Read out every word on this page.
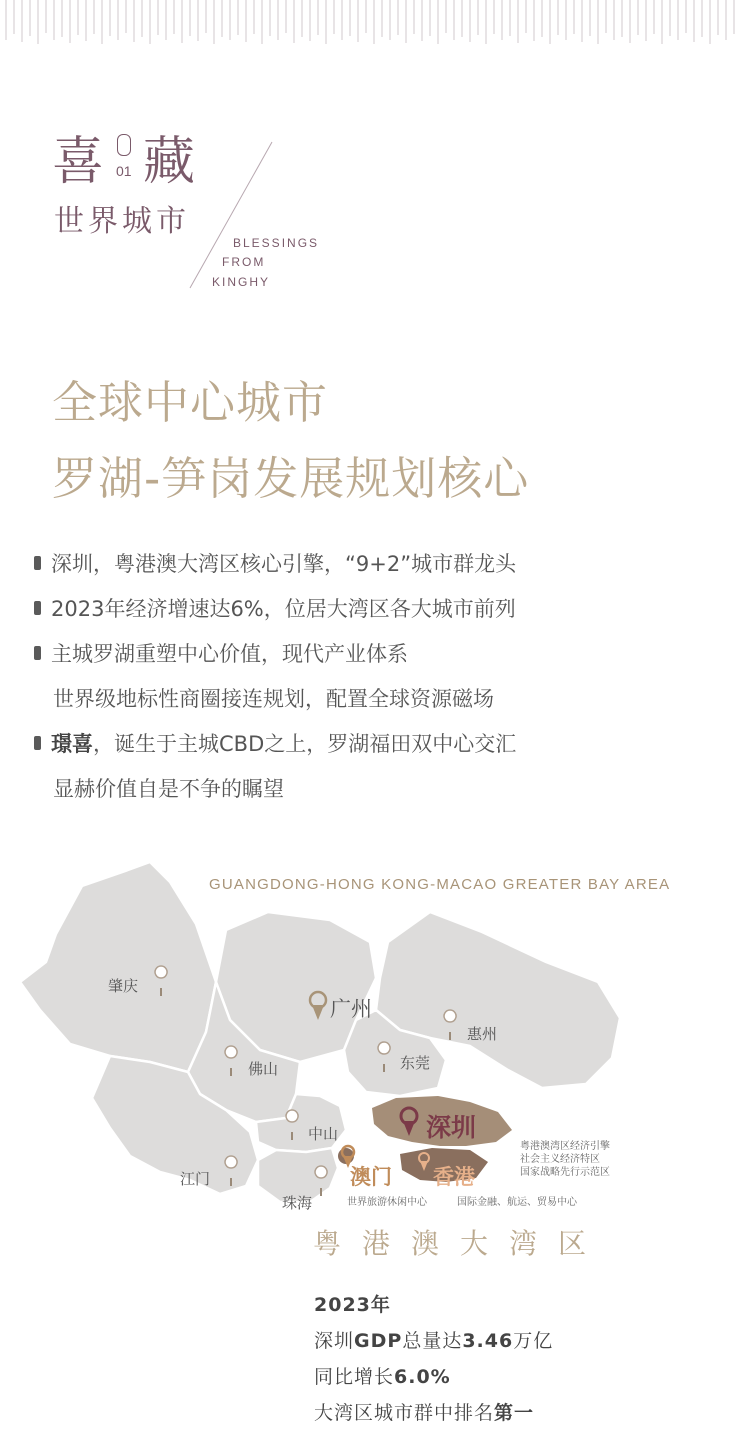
喜 01 藏
世界城市
BLESSINGS
FROM
KINGHY
全球中心城市
罗湖-笋岗发展规划核心
深圳，粤港澳大湾区核心引擎，“9+2”城市群龙头
2023年经济增速达6%，位居大湾区各大城市前列
主城罗湖重塑中心价值，现代产业体系
世界级地标性商圈接连规划，配置全球资源磁场
璟喜 ，诞生于主城CBD之上，罗湖福田双中心交汇
显赫价值自是不争的瞩望
GUANGDONG-HONG KONG-MACAO GREATER BAY AREA
肇庆
广州
惠州
佛山	东莞
中山
江门
珠海
深圳
澳门 香港
粤港澳湾区经济引擎
社会主义经济特区
国家战略先行示范区
世界旅游休闲中心	国际金融、航运、贸易中心
粤港澳大湾区
2023年
深圳GDP总量达3.46万亿
同比增长6.0%
大湾区城市群中排名第一
